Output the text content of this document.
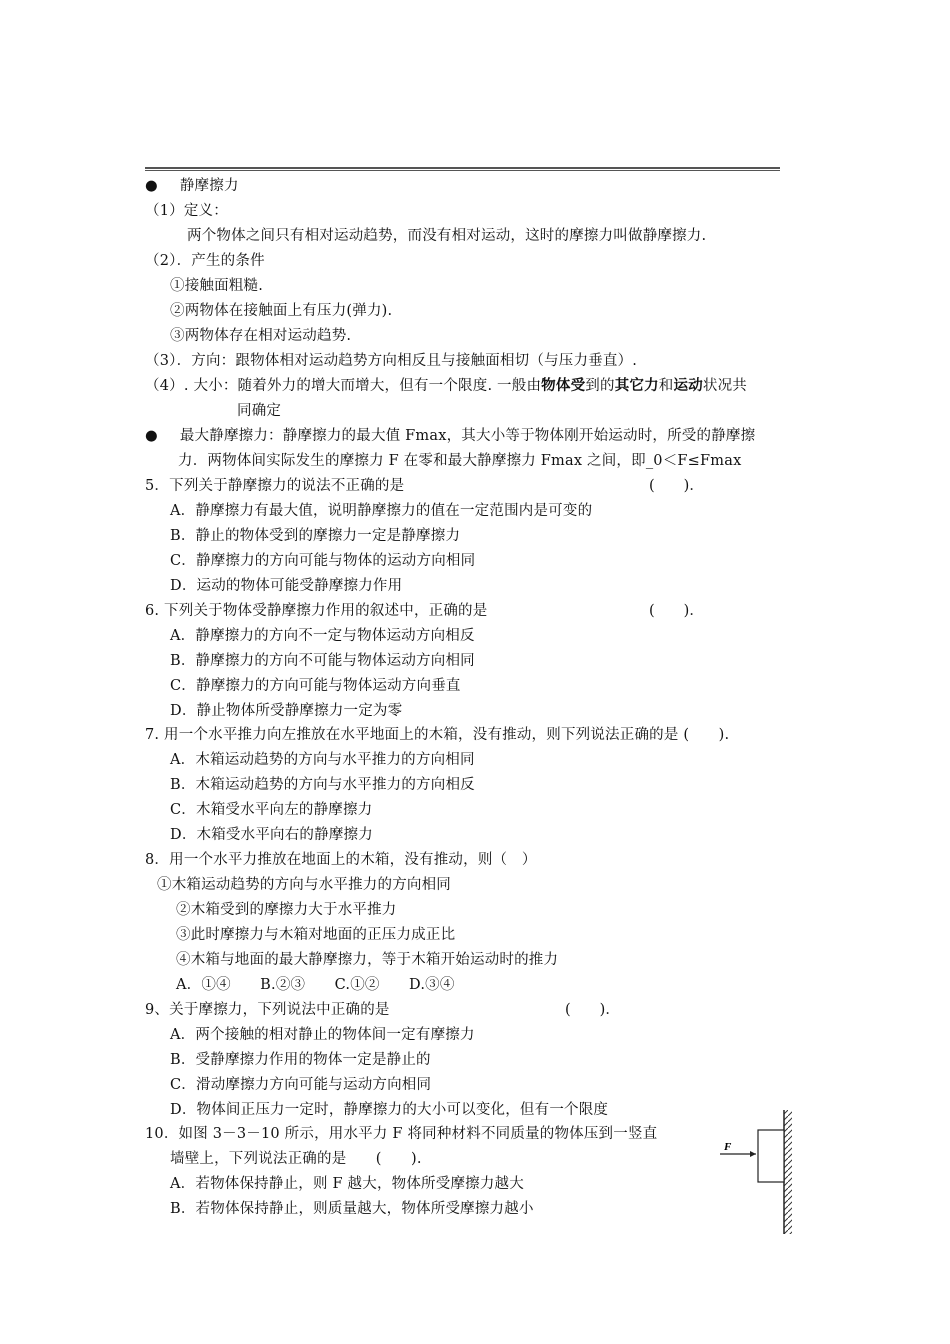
● 静摩擦力
（1）定义：
两个物体之间只有相对运动趋势，而没有相对运动，这时的摩擦力叫做静摩擦力.
（2）．产生的条件
①接触面粗糙.
②两物体在接触面上有压力(弹力).
③两物体存在相对运动趋势.
（3）．方向：跟物体相对运动趋势方向相反且与接触面相切（与压力垂直）.
（4）. 大小：随着外力的增大而增大，但有一个限度. 一般由物体受到的其它力和运动状况共
同确定
● 最大静摩擦力：静摩擦力的最大值 Fmax，其大小等于物体刚开始运动时，所受的静摩擦
力．两物体间实际发生的摩擦力 F 在零和最大静摩擦力 Fmax 之间，即_0＜F≤Fmax
5．下列关于静摩擦力的说法不正确的是	(　　)．
A．静摩擦力有最大值，说明静摩擦力的值在一定范围内是可变的
B．静止的物体受到的摩擦力一定是静摩擦力
C．静摩擦力的方向可能与物体的运动方向相同
D．运动的物体可能受静摩擦力作用
6. 下列关于物体受静摩擦力作用的叙述中，正确的是	(　　)．
A．静摩擦力的方向不一定与物体运动方向相反
B．静摩擦力的方向不可能与物体运动方向相同
C．静摩擦力的方向可能与物体运动方向垂直
D．静止物体所受静摩擦力一定为零
7. 用一个水平推力向左推放在水平地面上的木箱，没有推动，则下列说法正确的是 (　　).
A．木箱运动趋势的方向与水平推力的方向相同
B．木箱运动趋势的方向与水平推力的方向相反
C．木箱受水平向左的静摩擦力
D．木箱受水平向右的静摩擦力
8．用一个水平力推放在地面上的木箱，没有推动，则（　）
①木箱运动趋势的方向与水平推力的方向相同
②木箱受到的摩擦力大于水平推力
③此时摩擦力与木箱对地面的正压力成正比
④木箱与地面的最大静摩擦力，等于木箱开始运动时的推力
A．①④　　B.②③　　C.①②　　D.③④
9、关于摩擦力，下列说法中正确的是	(　　)．
A．两个接触的相对静止的物体间一定有摩擦力
B．受静摩擦力作用的物体一定是静止的
C．滑动摩擦力方向可能与运动方向相同
D．物体间正压力一定时，静摩擦力的大小可以变化，但有一个限度
10．如图 3－3－10 所示，用水平力 F 将同种材料不同质量的物体压到一竖直
墙壁上，下列说法正确的是　　(　　).
A．若物体保持静止，则 F 越大，物体所受摩擦力越大
B．若物体保持静止，则质量越大，物体所受摩擦力越小
F
